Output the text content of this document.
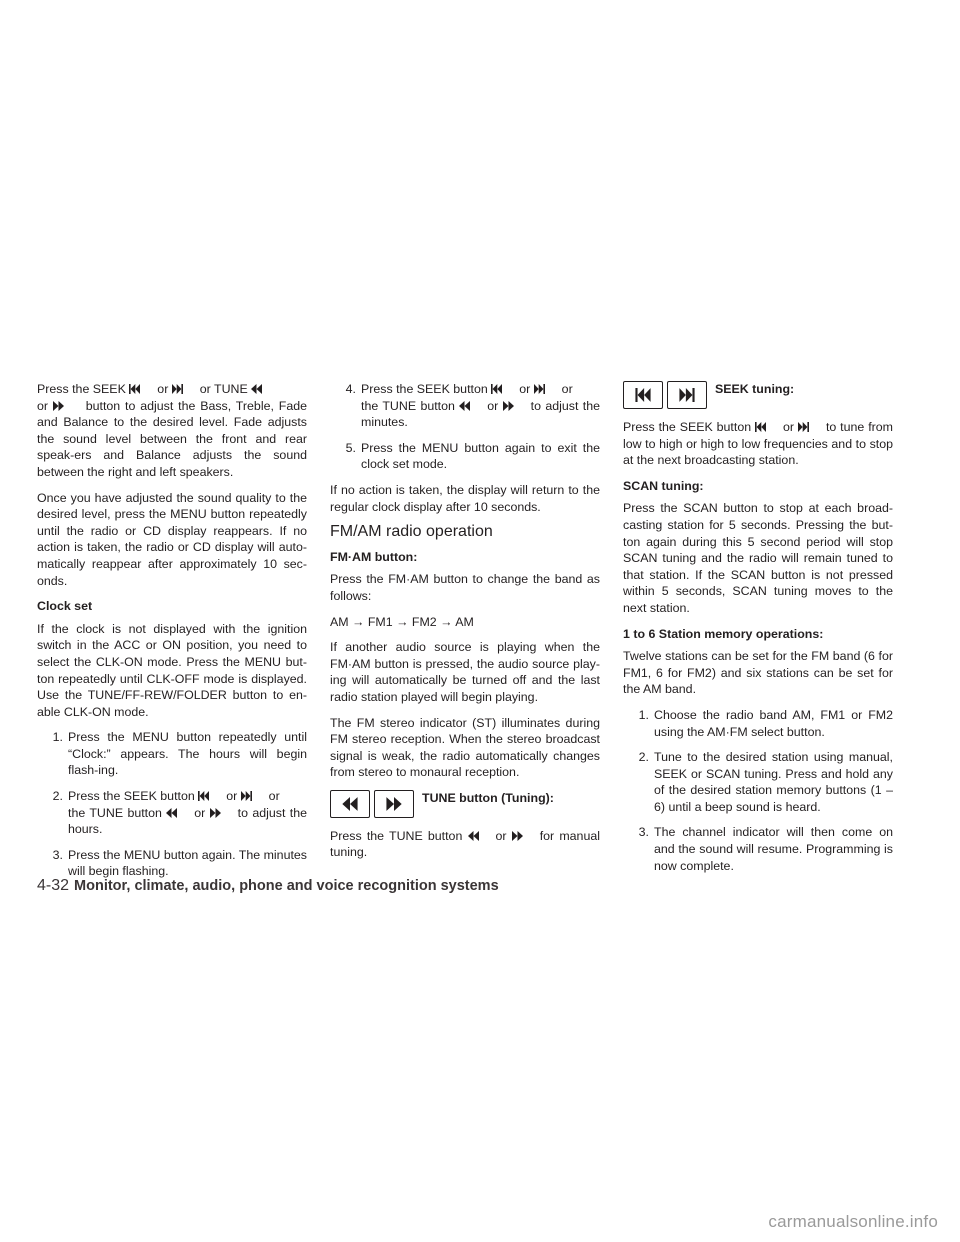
Press the SEEK	or	or TUNE
or	button to adjust the Bass, Treble, Fade and Balance to the desired level. Fade adjusts the sound level between the front and rear speak-ers and Balance adjusts the sound between the right and left speakers.

Once you have adjusted the sound quality to the desired level, press the MENU button repeatedly until the radio or CD display reappears. If no action is taken, the radio or CD display will auto-matically reappear after approximately 10 sec-onds.

Clock set

If the clock is not displayed with the ignition switch in the ACC or ON position, you need to select the CLK-ON mode. Press the MENU but-ton repeatedly until CLK-OFF mode is displayed. Use the TUNE/FF-REW/FOLDER button to en-able CLK-ON mode.

1. Press the MENU button repeatedly until “Clock:” appears. The hours will begin flash-ing.
2. Press the SEEK button	or	or
the TUNE button	or	to adjust the hours.
3. Press the MENU button again. The minutes will begin flashing.
4. Press the SEEK button	or	or
the TUNE button	or	to adjust the minutes.
5. Press the MENU button again to exit the clock set mode.

If no action is taken, the display will return to the regular clock display after 10 seconds.

FM/AM radio operation
FM·AM button:

Press the FM·AM button to change the band as follows:

AM → FM1 → FM2 → AM

If another audio source is playing when the FM·AM button is pressed, the audio source play-ing will automatically be turned off and the last radio station played will begin playing.

The FM stereo indicator (ST) illuminates during FM stereo reception. When the stereo broadcast signal is weak, the radio automatically changes from stereo to monaural reception.

TUNE button (Tuning):

Press the TUNE button	or	for manual tuning.

SEEK tuning:

Press the SEEK button	or	to tune from low to high or high to low frequencies and to stop at the next broadcasting station.

SCAN tuning:

Press the SCAN button to stop at each broad-casting station for 5 seconds. Pressing the but-ton again during this 5 second period will stop SCAN tuning and the radio will remain tuned to that station. If the SCAN button is not pressed within 5 seconds, SCAN tuning moves to the next station.

1 to 6 Station memory operations:

Twelve stations can be set for the FM band (6 for FM1, 6 for FM2) and six stations can be set for the AM band.

1. Choose the radio band AM, FM1 or FM2 using the AM·FM select button.
2. Tune to the desired station using manual, SEEK or SCAN tuning. Press and hold any of the desired station memory buttons (1 – 6) until a beep sound is heard.
3. The channel indicator will then come on and the sound will resume. Programming is now complete.
4-32 Monitor, climate, audio, phone and voice recognition systems
carmanualsonline.info
